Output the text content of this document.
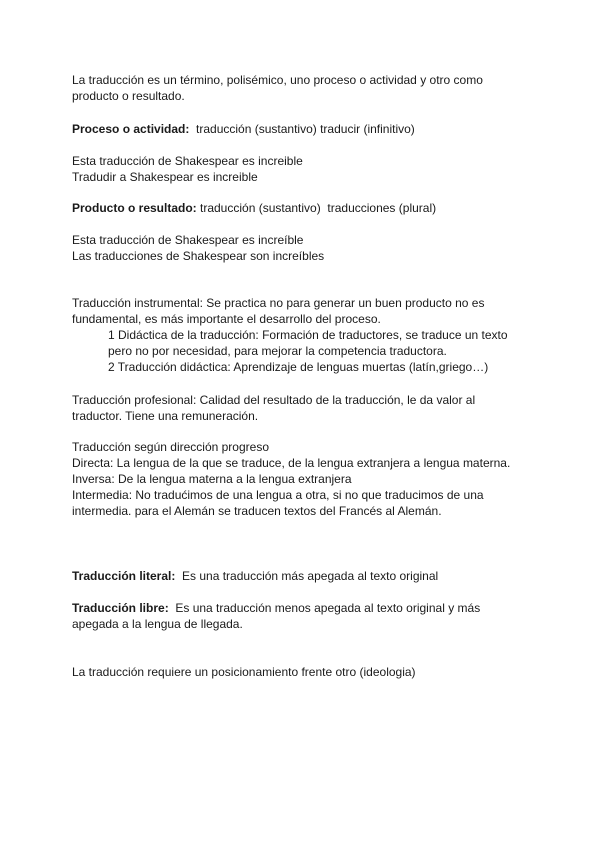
La traducción es un término, polisémico, uno proceso o actividad y otro como
producto o resultado.

Proceso o actividad:  traducción (sustantivo) traducir (infinitivo)

Esta traducción de Shakespear es increible
Tradudir a Shakespear es increible

Producto o resultado: traducción (sustantivo)  traducciones (plural)

Esta traducción de Shakespear es increíble
Las traducciones de Shakespear son increíbles

Traducción instrumental: Se practica no para generar un buen producto no es
fundamental, es más importante el desarrollo del proceso.

1 Didáctica de la traducción: Formación de traductores, se traduce un texto
pero no por necesidad, para mejorar la competencia traductora.
2 Traducción didáctica: Aprendizaje de lenguas muertas (latín,griego…)

Traducción profesional: Calidad del resultado de la traducción, le da valor al
traductor. Tiene una remuneración.

Traducción según dirección progreso
Directa: La lengua de la que se traduce, de la lengua extranjera a lengua materna.
Inversa: De la lengua materna a la lengua extranjera
Intermedia: No tradućimos de una lengua a otra, si no que traducimos de una
intermedia. para el Alemán se traducen textos del Francés al Alemán.

Traducción literal:  Es una traducción más apegada al texto original

Traducción libre:  Es una traducción menos apegada al texto original y más
apegada a la lengua de llegada.

La traducción requiere un posicionamiento frente otro (ideologia)
